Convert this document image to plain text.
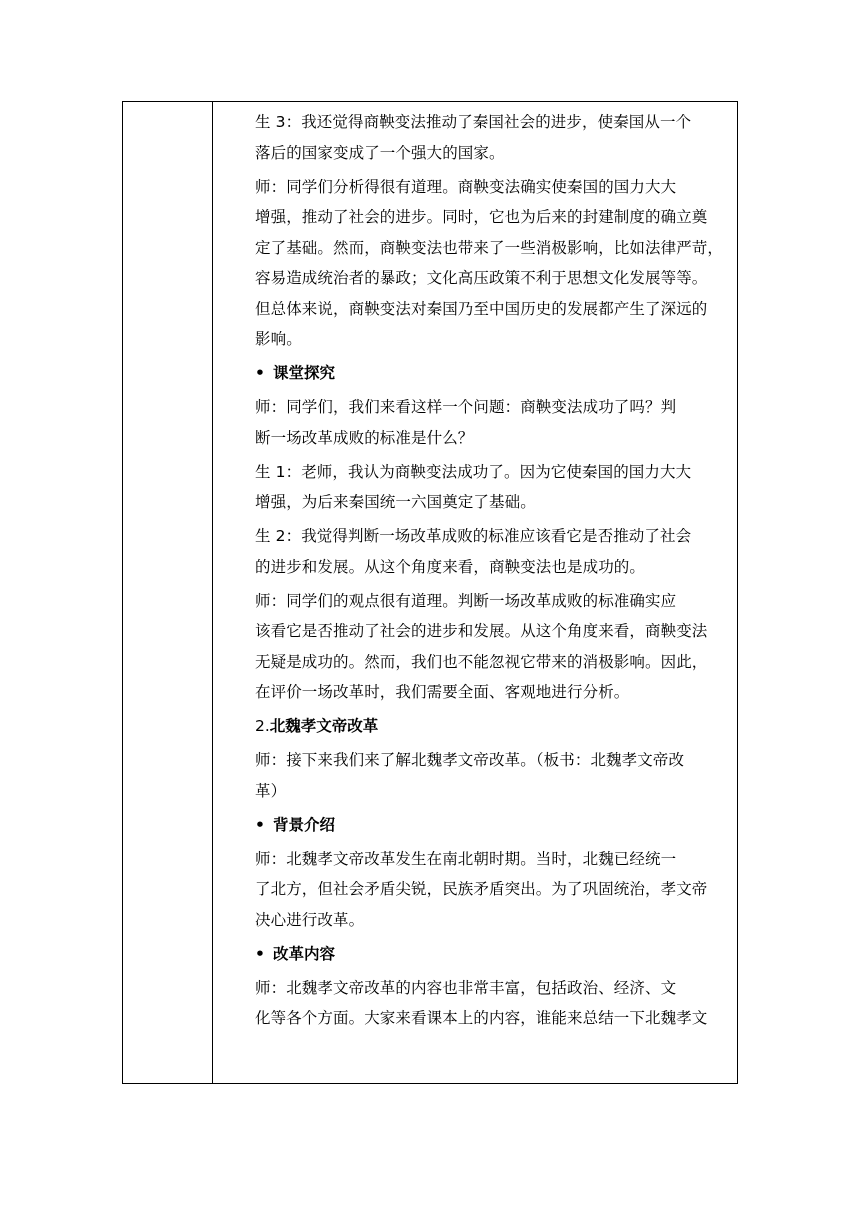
生 3：我还觉得商鞅变法推动了秦国社会的进步，使秦国从一个
落后的国家变成了一个强大的国家。
师：同学们分析得很有道理。商鞅变法确实使秦国的国力大大
增强，推动了社会的进步。同时，它也为后来的封建制度的确立奠
定了基础。然而，商鞅变法也带来了一些消极影响，比如法律严苛，
容易造成统治者的暴政；文化高压政策不利于思想文化发展等等。
但总体来说，商鞅变法对秦国乃至中国历史的发展都产生了深远的
影响。
• 课堂探究
师：同学们，我们来看这样一个问题：商鞅变法成功了吗？判
断一场改革成败的标准是什么？
生 1：老师，我认为商鞅变法成功了。因为它使秦国的国力大大
增强，为后来秦国统一六国奠定了基础。
生 2：我觉得判断一场改革成败的标准应该看它是否推动了社会
的进步和发展。从这个角度来看，商鞅变法也是成功的。
师：同学们的观点很有道理。判断一场改革成败的标准确实应
该看它是否推动了社会的进步和发展。从这个角度来看，商鞅变法
无疑是成功的。然而，我们也不能忽视它带来的消极影响。因此，
在评价一场改革时，我们需要全面、客观地进行分析。
2.北魏孝文帝改革
师：接下来我们来了解北魏孝文帝改革。（板书：北魏孝文帝改
革）
• 背景介绍
师：北魏孝文帝改革发生在南北朝时期。当时，北魏已经统一
了北方，但社会矛盾尖锐，民族矛盾突出。为了巩固统治，孝文帝
决心进行改革。
• 改革内容
师：北魏孝文帝改革的内容也非常丰富，包括政治、经济、文
化等各个方面。大家来看课本上的内容，谁能来总结一下北魏孝文
